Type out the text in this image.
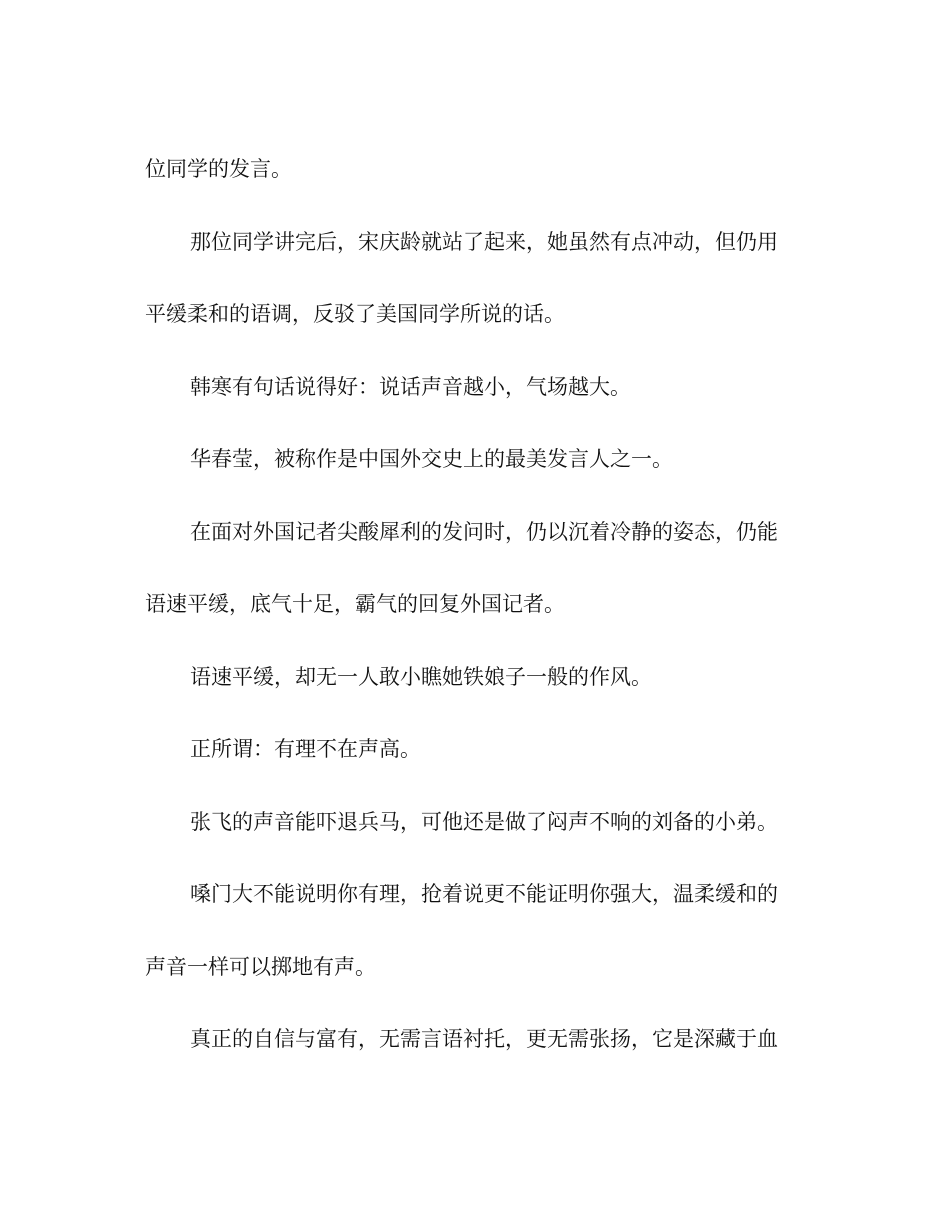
位同学的发言。
那位同学讲完后，宋庆龄就站了起来，她虽然有点冲动，但仍用
平缓柔和的语调，反驳了美国同学所说的话。
韩寒有句话说得好：说话声音越小，气场越大。
华春莹，被称作是中国外交史上的最美发言人之一。
在面对外国记者尖酸犀利的发问时，仍以沉着冷静的姿态，仍能
语速平缓，底气十足，霸气的回复外国记者。
语速平缓，却无一人敢小瞧她铁娘子一般的作风。
正所谓：有理不在声高。
张飞的声音能吓退兵马，可他还是做了闷声不响的刘备的小弟。
嗓门大不能说明你有理，抢着说更不能证明你强大，温柔缓和的
声音一样可以掷地有声。
真正的自信与富有，无需言语衬托，更无需张扬，它是深藏于血
